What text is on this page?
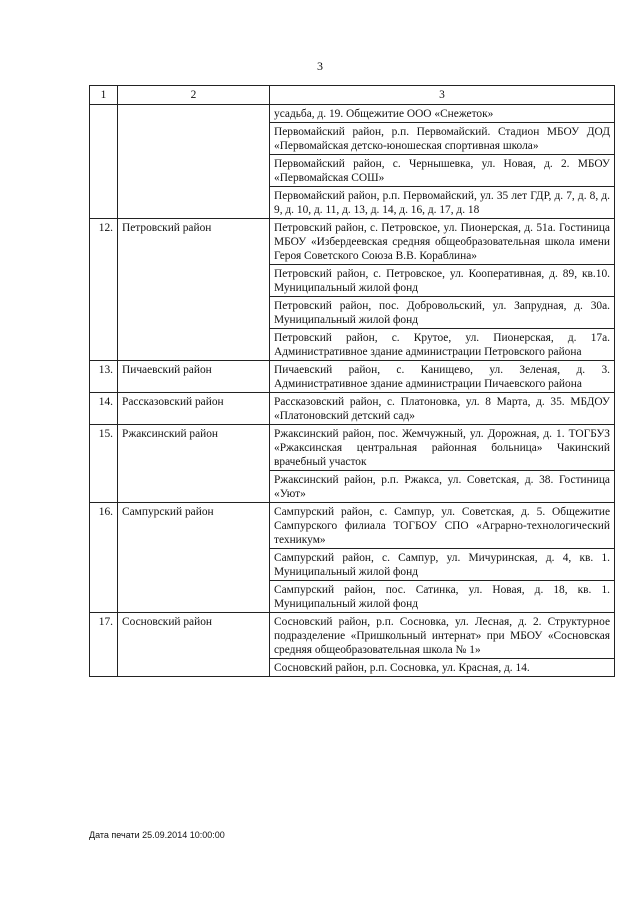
3
1	2	3
		усадьба, д. 19. Общежитие ООО «Снежеток»
		Первомайский район, р.п. Первомайский. Стадион МБОУ ДОД «Первомайская детско-юношеская спортивная школа»
		Первомайский район, с. Чернышевка, ул. Новая, д. 2. МБОУ «Первомайская СОШ»
		Первомайский район, р.п. Первомайский, ул. 35 лет ГДР, д. 7, д. 8, д. 9, д. 10, д. 11, д. 13, д. 14, д. 16, д. 17, д. 18
12.	Петровский район	Петровский район, с. Петровское, ул. Пионерская, д. 51а. Гостиница МБОУ «Избердеевская средняя общеобразовательная школа имени Героя Советского Союза В.В. Кораблина»
		Петровский район, с. Петровское, ул. Кооперативная, д. 89, кв.10. Муниципальный жилой фонд
		Петровский район, пос. Добровольский, ул. Запрудная, д. 30а. Муниципальный жилой фонд
		Петровский район, с. Крутое, ул. Пионерская, д. 17а. Административное здание администрации Петровского района
13.	Пичаевский район	Пичаевский район, с. Канищево, ул. Зеленая, д. 3. Административное здание администрации Пичаевского района
14.	Рассказовский район	Рассказовский район, с. Платоновка, ул. 8 Марта, д. 35. МБДОУ «Платоновский детский сад»
15.	Ржаксинский район	Ржаксинский район, пос. Жемчужный, ул. Дорожная, д. 1. ТОГБУЗ «Ржаксинская центральная районная больница» Чакинский врачебный участок
		Ржаксинский район, р.п. Ржакса, ул. Советская, д. 38. Гостиница «Уют»
16.	Сампурский район	Сампурский район, с. Сампур, ул. Советская, д. 5. Общежитие Сампурского филиала ТОГБОУ СПО «Аграрно-технологический техникум»
		Сампурский район, с. Сампур, ул. Мичуринская, д. 4, кв. 1. Муниципальный жилой фонд
		Сампурский район, пос. Сатинка, ул. Новая, д. 18, кв. 1. Муниципальный жилой фонд
17.	Сосновский район	Сосновский район, р.п. Сосновка, ул. Лесная, д. 2. Структурное подразделение «Пришкольный интернат» при МБОУ «Сосновская средняя общеобразовательная школа № 1»
		Сосновский район, р.п. Сосновка, ул. Красная, д. 14.
Дата печати 25.09.2014 10:00:00
